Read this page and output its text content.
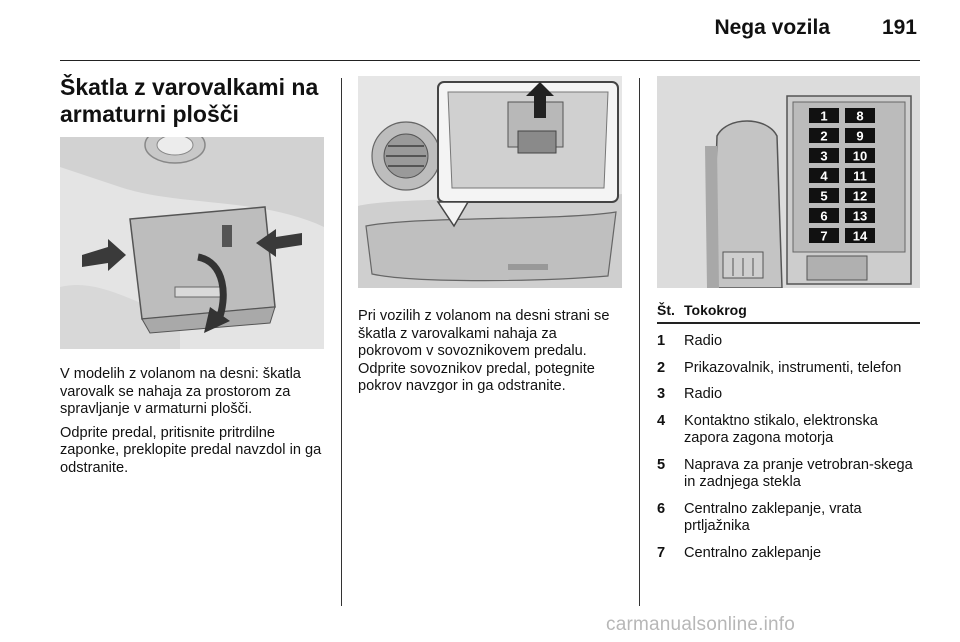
Nega vozila 191
Škatla z varovalkami na armaturni plošči

V modelih z volanom na desni: škatla varovalk se nahaja za prostorom za spravljanje v armaturni plošči.

Odprite predal, pritisnite pritrdilne zaponke, preklopite predal navzdol in ga odstranite.

Pri vozilih z volanom na desni strani se škatla z varovalkami nahaja za pokrovom v sovoznikovem predalu. Odprite sovoznikov predal, potegnite pokrov navzgor in ga odstranite.

1 8
2 9
3 10
4 11
5 12
6 13
7 14
Št. Tokokrog
1	Radio
2	Prikazovalnik, instrumenti, telefon
3	Radio
4	Kontaktno stikalo, elektronska zapora zagona motorja
5	Naprava za pranje vetrobran-skega in zadnjega stekla
6	Centralno zaklepanje, vrata prtljažnika
7	Centralno zaklepanje
carmanualsonline.info
